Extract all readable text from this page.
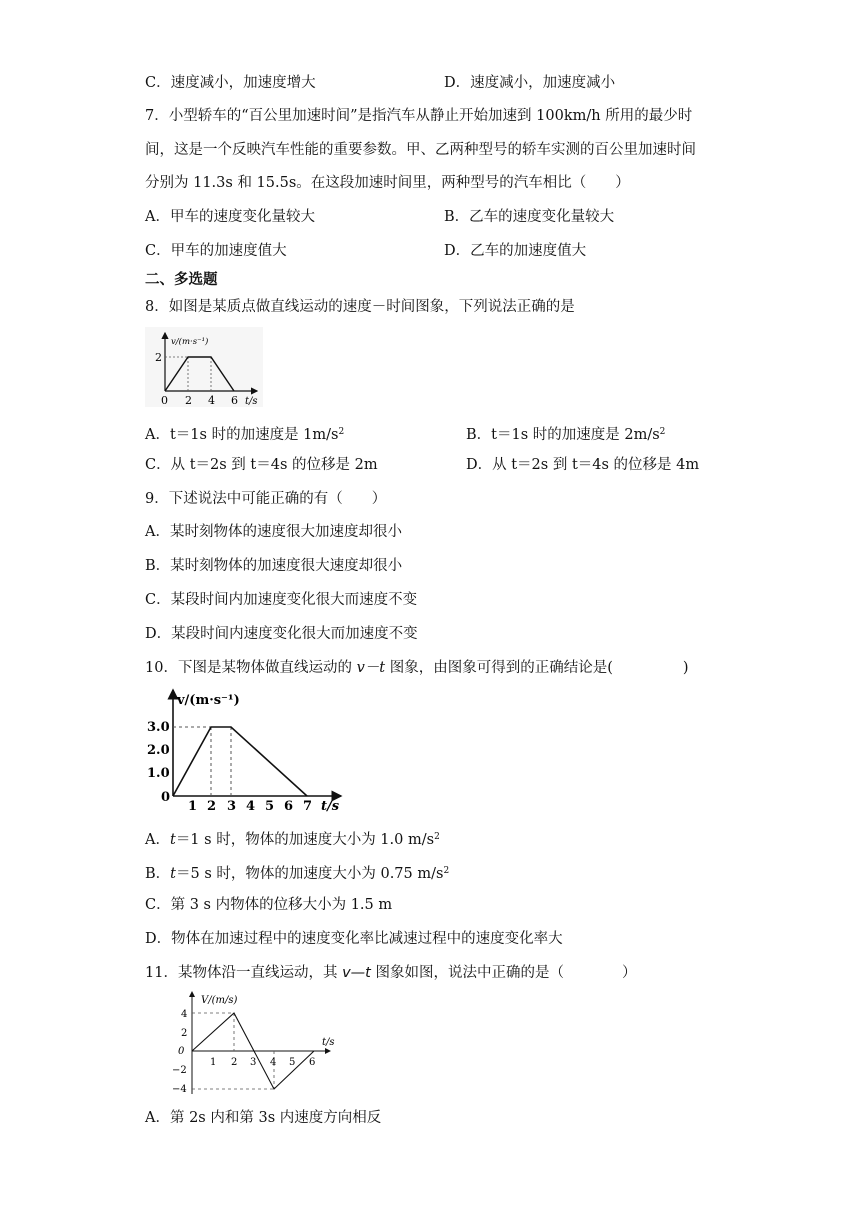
C．速度减小，加速度增大	D．速度减小，加速度减小
7．小型轿车的“百公里加速时间”是指汽车从静止开始加速到 100km/h 所用的最少时
间，这是一个反映汽车性能的重要参数。甲、乙两种型号的轿车实测的百公里加速时间
分别为 11.3s 和 15.5s。在这段加速时间里，两种型号的汽车相比（　　）
A．甲车的速度变化量较大	B．乙车的速度变化量较大
C．甲车的加速度值大	D．乙车的加速度值大
二、多选题
8．如图是某质点做直线运动的速度－时间图象，下列说法正确的是
v/(m·s⁻¹)
2
0 2 4 6 t/s
A．t＝1s 时的加速度是 $1m/s^2$	B．t＝1s 时的加速度是 $2m/s^2$
C．从 t＝2s 到 t＝4s 的位移是 2m	D．从 t＝2s 到 t＝4s 的位移是 4m
9．下述说法中可能正确的有（　　）
A．某时刻物体的速度很大加速度却很小
B．某时刻物体的加速度很大速度却很小
C．某段时间内加速度变化很大而速度不变
D．某段时间内速度变化很大而加速度不变
10．下图是某物体做直线运动的 v－t 图象，由图象可得到的正确结论是(	)
v/(m·s⁻¹)
1.0
2.0
3.0
0
1 2 3 4 5 6 7 t/s
A．t＝1 s 时，物体的加速度大小为 1.0 $m/s^2$
B．t＝5 s 时，物体的加速度大小为 0.75 $m/s^2$
C．第 3 s 内物体的位移大小为 1.5 m
D．物体在加速过程中的速度变化率比减速过程中的速度变化率大
11．某物体沿一直线运动，其 v—t 图象如图，说法中正确的是（　　　　）
V/(m/s)
4
2
0
−2
−4
1 2 3 4 5 6
t/s
A．第 2s 内和第 3s 内速度方向相反
